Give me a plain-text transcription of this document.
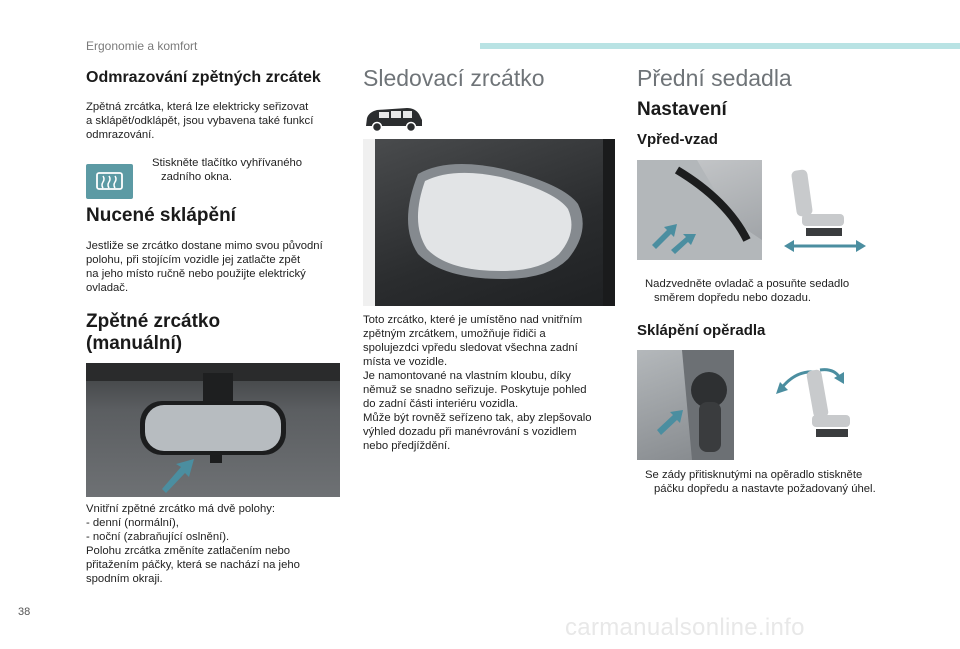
Ergonomie a komfort
Odmrazování zpětných zrcátek
Zpětná zrcátka, která lze elektricky seřizovat
a sklápět/odklápět, jsou vybavena také funkcí
odmrazování.
Stiskněte tlačítko vyhřívaného
zadního okna.
Nucené sklápění
Jestliže se zrcátko dostane mimo svou původní
polohu, při stojícím vozidle jej zatlačte zpět
na jeho místo ručně nebo použijte elektrický
ovladač.
Zpětné zrcátko
(manuální)
Vnitřní zpětné zrcátko má dvě polohy:
- denní (normální),
- noční (zabraňující oslnění).
Polohu zrcátka změníte zatlačením nebo
přitažením páčky, která se nachází na jeho
spodním okraji.
Sledovací zrcátko
Toto zrcátko, které je umístěno nad vnitřním
zpětným zrcátkem, umožňuje řidiči a
spolujezdci vpředu sledovat všechna zadní
místa ve vozidle.
Je namontované na vlastním kloubu, díky
němuž se snadno seřizuje. Poskytuje pohled
do zadní části interiéru vozidla.
Může být rovněž seřízeno tak, aby zlepšovalo
výhled dozadu při manévrování s vozidlem
nebo předjíždění.
Přední sedadla
Nastavení
Vpřed-vzad
Nadzvedněte ovladač a posuňte sedadlo
směrem dopředu nebo dozadu.
Sklápění opěradla
Se zády přitisknutými na opěradlo stiskněte
páčku dopředu a nastavte požadovaný úhel.
38
carmanualsonline.info
